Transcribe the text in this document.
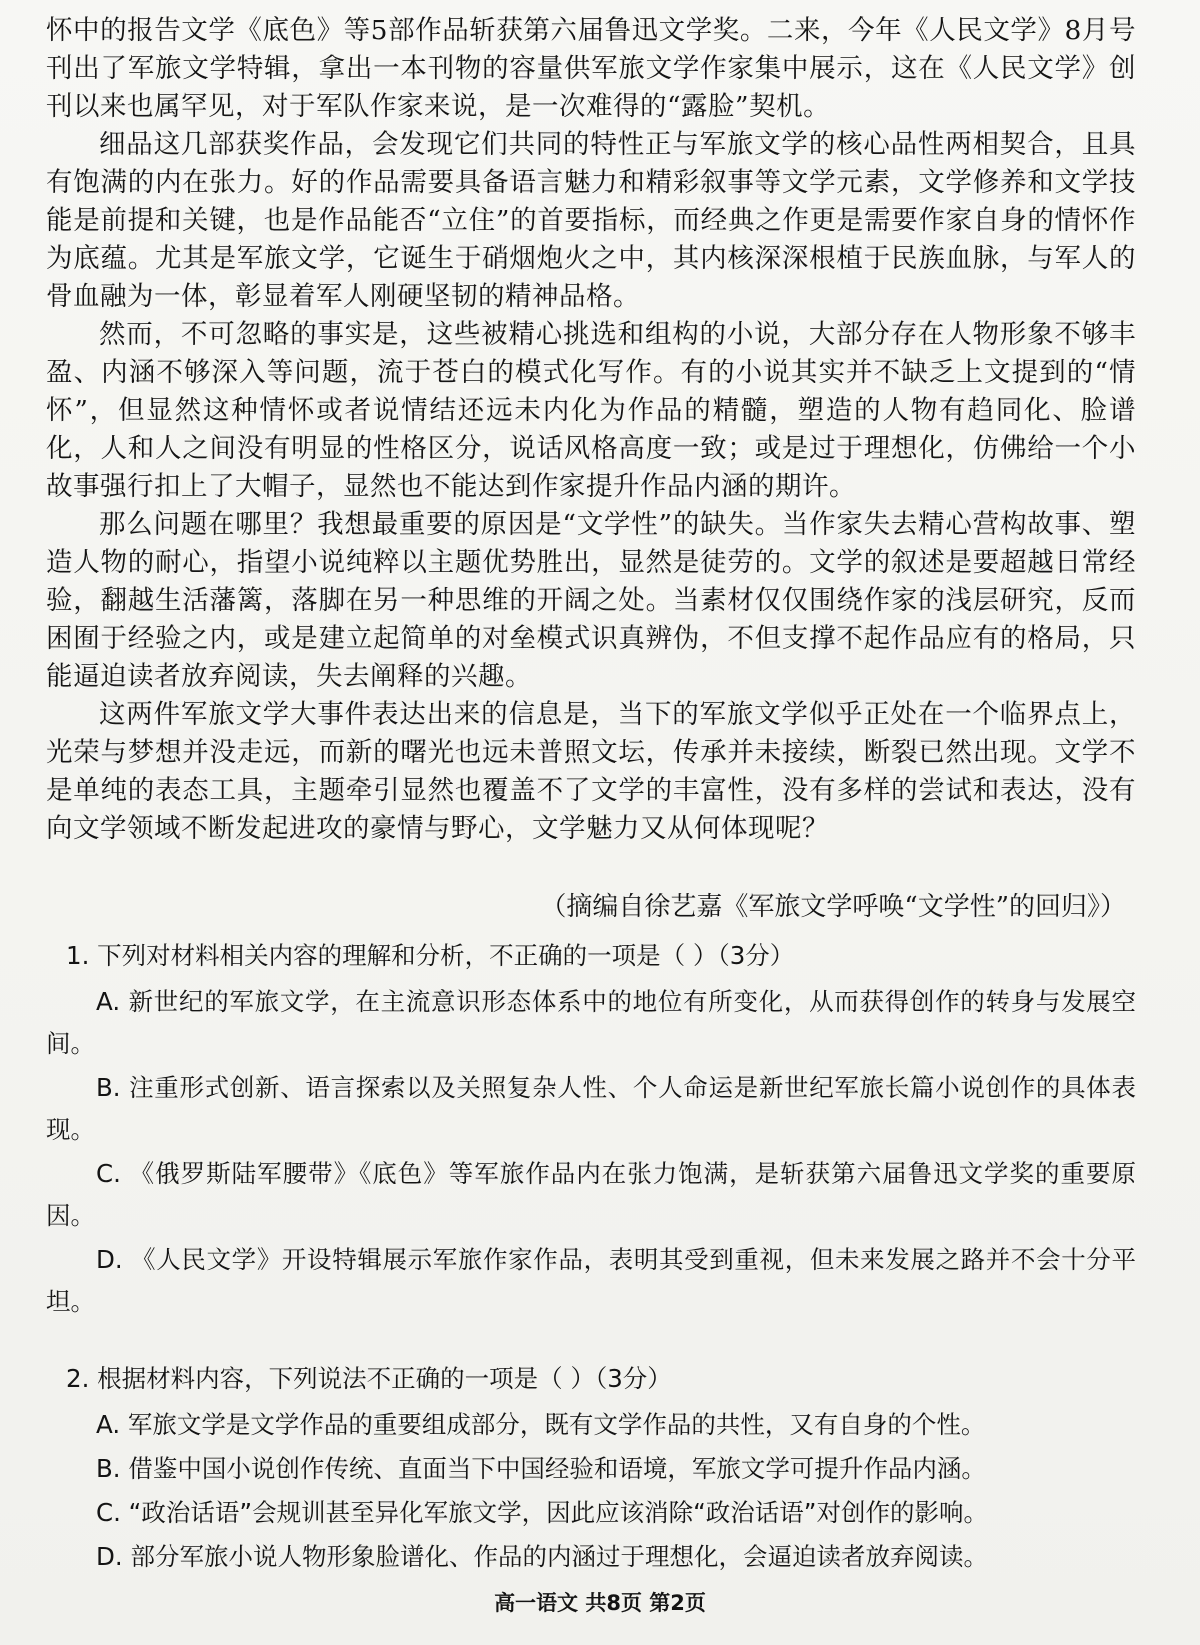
怀中的报告文学《底色》等5部作品斩获第六届鲁迅文学奖。二来，今年《人民文学》8月号刊出了军旅文学特辑，拿出一本刊物的容量供军旅文学作家集中展示，这在《人民文学》创刊以来也属罕见，对于军队作家来说，是一次难得的“露脸”契机。

细品这几部获奖作品，会发现它们共同的特性正与军旅文学的核心品性两相契合，且具有饱满的内在张力。好的作品需要具备语言魅力和精彩叙事等文学元素，文学修养和文学技能是前提和关键，也是作品能否“立住”的首要指标，而经典之作更是需要作家自身的情怀作为底蕴。尤其是军旅文学，它诞生于硝烟炮火之中，其内核深深根植于民族血脉，与军人的骨血融为一体，彰显着军人刚硬坚韧的精神品格。

然而，不可忽略的事实是，这些被精心挑选和组构的小说，大部分存在人物形象不够丰盈、内涵不够深入等问题，流于苍白的模式化写作。有的小说其实并不缺乏上文提到的“情怀”，但显然这种情怀或者说情结还远未内化为作品的精髓，塑造的人物有趋同化、脸谱化，人和人之间没有明显的性格区分，说话风格高度一致；或是过于理想化，仿佛给一个小故事强行扣上了大帽子，显然也不能达到作家提升作品内涵的期许。

那么问题在哪里？我想最重要的原因是“文学性”的缺失。当作家失去精心营构故事、塑造人物的耐心，指望小说纯粹以主题优势胜出，显然是徒劳的。文学的叙述是要超越日常经验，翻越生活藩篱，落脚在另一种思维的开阔之处。当素材仅仅围绕作家的浅层研究，反而困囿于经验之内，或是建立起简单的对垒模式识真辨伪，不但支撑不起作品应有的格局，只能逼迫读者放弃阅读，失去阐释的兴趣。

这两件军旅文学大事件表达出来的信息是，当下的军旅文学似乎正处在一个临界点上，光荣与梦想并没走远，而新的曙光也远未普照文坛，传承并未接续，断裂已然出现。文学不是单纯的表态工具，主题牵引显然也覆盖不了文学的丰富性，没有多样的尝试和表达，没有向文学领域不断发起进攻的豪情与野心，文学魅力又从何体现呢？

（摘编自徐艺嘉《军旅文学呼唤“文学性”的回归》）

1. 下列对材料相关内容的理解和分析，不正确的一项是（ ）（3分）

A. 新世纪的军旅文学，在主流意识形态体系中的地位有所变化，从而获得创作的转身与发展空间。

B. 注重形式创新、语言探索以及关照复杂人性、个人命运是新世纪军旅长篇小说创作的具体表现。

C. 《俄罗斯陆军腰带》《底色》等军旅作品内在张力饱满，是斩获第六届鲁迅文学奖的重要原因。

D. 《人民文学》开设特辑展示军旅作家作品，表明其受到重视，但未来发展之路并不会十分平坦。

2. 根据材料内容，下列说法不正确的一项是（ ）（3分）

A. 军旅文学是文学作品的重要组成部分，既有文学作品的共性，又有自身的个性。

B. 借鉴中国小说创作传统、直面当下中国经验和语境，军旅文学可提升作品内涵。

C. “政治话语”会规训甚至异化军旅文学，因此应该消除“政治话语”对创作的影响。

D. 部分军旅小说人物形象脸谱化、作品的内涵过于理想化，会逼迫读者放弃阅读。

高一语文 共8页 第2页
